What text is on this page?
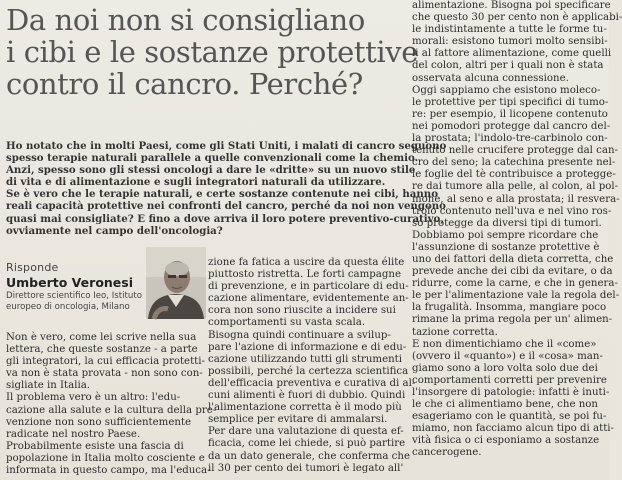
Da noi non si consigliano
i cibi e le sostanze protettive
contro il cancro. Perché?
Ho notato che in molti Paesi, come gli Stati Uniti, i malati di cancro seguono
spesso terapie naturali parallele a quelle convenzionali come la chemio.
Anzi, spesso sono gli stessi oncologi a dare le «dritte» su un nuovo stile
di vita e di alimentazione e sugli integratori naturali da utilizzare.
Se è vero che le terapie naturali, e certe sostanze contenute nei cibi, hanno
reali capacità protettive nei confronti del cancro, perché da noi non vengono
quasi mai consigliate? E fino a dove arriva il loro potere preventivo-curativo,
ovviamente nel campo dell'oncologia?
Risponde
Umberto Veronesi
Direttore scientifico Ieo, Istituto
europeo di oncologia, Milano
Non è vero, come lei scrive nella sua
lettera, che queste sostanze - a parte
gli integratori, la cui efficacia protetti-
va non è stata provata - non sono con-
sigliate in Italia.
Il problema vero è un altro: l'edu-
cazione alla salute e la cultura della pre-
venzione non sono sufficientemente
radicate nel nostro Paese.
Probabilmente esiste una fascia di
popolazione in Italia molto cosciente e
informata in questo campo, ma l'educa-
zione fa fatica a uscire da questa élite
piuttosto ristretta. Le forti campagne
di prevenzione, e in particolare di edu-
cazione alimentare, evidentemente an-
cora non sono riuscite a incidere sui
comportamenti su vasta scala.
Bisogna quindi continuare a svilup-
pare l'azione di informazione e di edu-
cazione utilizzando tutti gli strumenti
possibili, perché la certezza scientifica
dell'efficacia preventiva e curativa di al-
cuni alimenti è fuori di dubbio. Quindi
l'alimentazione corretta è il modo più
semplice per evitare di ammalarsi.
Per dare una valutazione di questa ef-
ficacia, come lei chiede, si può partire
da un dato generale, che conferma che
il 30 per cento dei tumori è legato all'
alimentazione. Bisogna poi specificare
che questo 30 per cento non è applicabi-
le indistintamente a tutte le forme tu-
morali: esistono tumori molto sensibi-
li al fattore alimentazione, come quelli
del colon, altri per i quali non è stata
osservata alcuna connessione.
Oggi sappiamo che esistono moleco-
le protettive per tipi specifici di tumo-
re: per esempio, il licopene contenuto
nei pomodori protegge dal cancro del-
la prostata; l'indolo-tre-carbinolo con-
tenuto nelle crucifere protegge dal can-
cro del seno; la catechina presente nel-
le foglie del tè contribuisce a protegge-
re dai tumore alla pelle, al colon, al pol-
mone, al seno e alla prostata; il resvera-
trolo contenuto nell'uva e nel vino ros-
so protegge da diversi tipi di tumori.
Dobbiamo poi sempre ricordare che
l'assunzione di sostanze protettive è
uno dei fattori della dieta corretta, che
prevede anche dei cibi da evitare, o da
ridurre, come la carne, e che in genera-
le per l'alimentazione vale la regola del-
la frugalità. Insomma, mangiare poco
rimane la prima regola per un' alimen-
tazione corretta.
E non dimentichiamo che il «come»
(ovvero il «quanto») e il «cosa» man-
giamo sono a loro volta solo due dei
comportamenti corretti per prevenire
l'insorgere di patologie: infatti è inuti-
le che ci alimentiamo bene, che non
esageriamo con le quantità, se poi fu-
miamo, non facciamo alcun tipo di atti-
vità fisica o ci esponiamo a sostanze
cancerogene.
